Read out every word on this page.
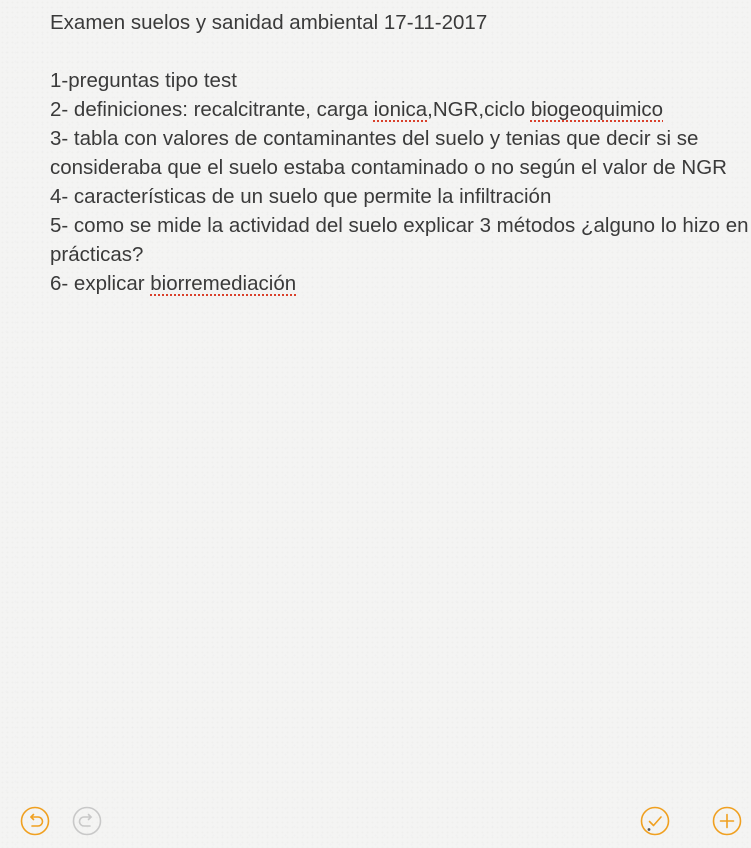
Examen suelos y sanidad ambiental 17-11-2017
1-preguntas tipo test
2- definiciones: recalcitrante, carga ionica,NGR,ciclo biogeoquimico
3- tabla con valores de contaminantes del suelo y tenias que decir si se
consideraba que el suelo estaba contaminado o no según el valor de NGR
4- características de un suelo que permite la infiltración
5- como se mide la actividad del suelo explicar 3 métodos ¿alguno lo hizo en
prácticas?
6- explicar biorremediación
